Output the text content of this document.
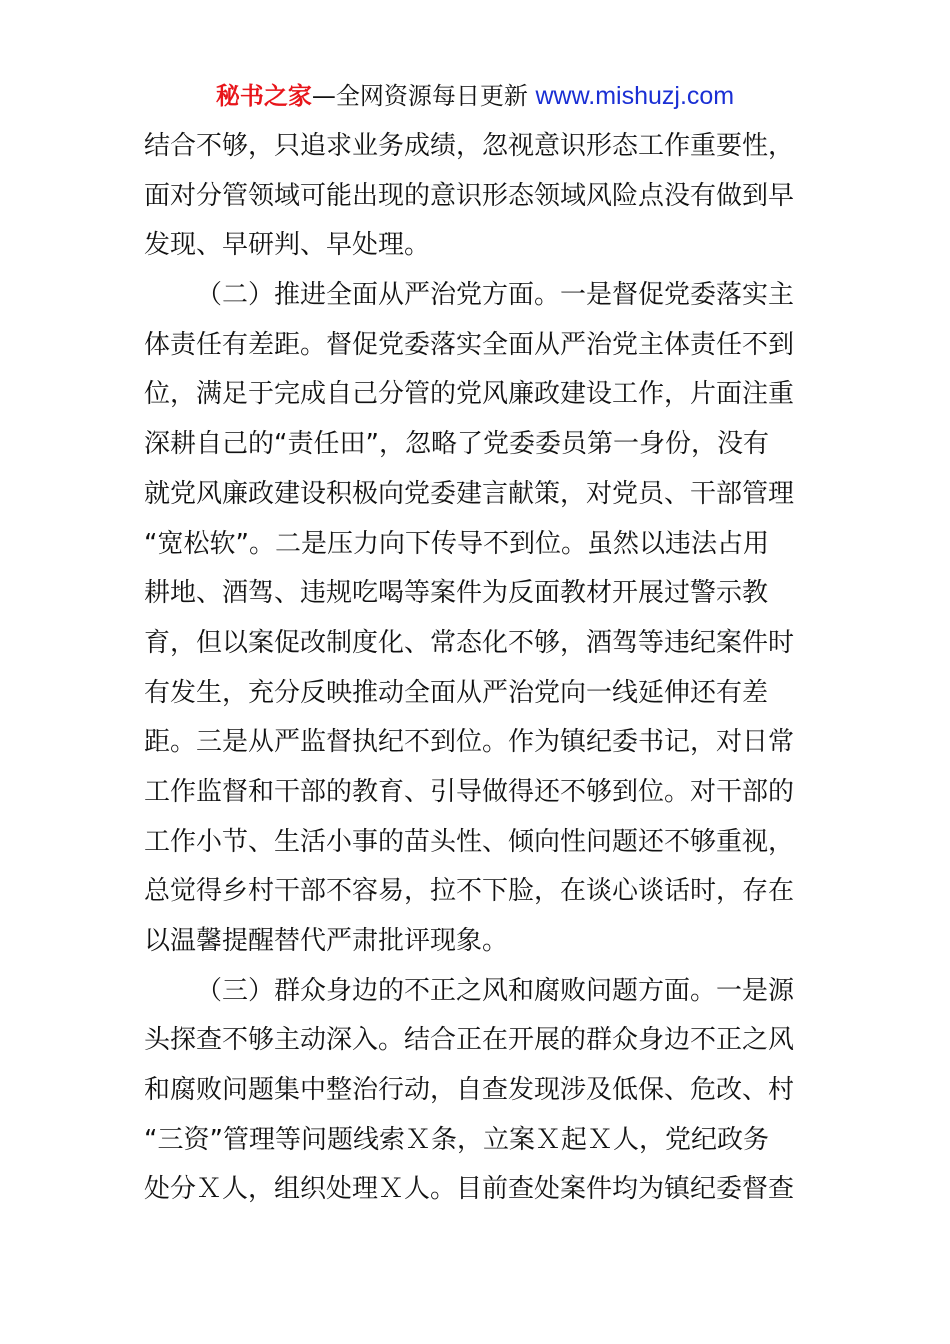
秘书之家—全网资源每日更新 www.mishuzj.com
结合不够，只追求业务成绩，忽视意识形态工作重要性，
面对分管领域可能出现的意识形态领域风险点没有做到早
发现、早研判、早处理。
（二）推进全面从严治党方面。一是督促党委落实主
体责任有差距。督促党委落实全面从严治党主体责任不到
位，满足于完成自己分管的党风廉政建设工作，片面注重
深耕自己的“责任田”，忽略了党委委员第一身份，没有
就党风廉政建设积极向党委建言献策，对党员、干部管理
“宽松软”。二是压力向下传导不到位。虽然以违法占用
耕地、酒驾、违规吃喝等案件为反面教材开展过警示教
育，但以案促改制度化、常态化不够，酒驾等违纪案件时
有发生，充分反映推动全面从严治党向一线延伸还有差
距。三是从严监督执纪不到位。作为镇纪委书记，对日常
工作监督和干部的教育、引导做得还不够到位。对干部的
工作小节、生活小事的苗头性、倾向性问题还不够重视，
总觉得乡村干部不容易，拉不下脸，在谈心谈话时，存在
以温馨提醒替代严肃批评现象。
（三）群众身边的不正之风和腐败问题方面。一是源
头探查不够主动深入。结合正在开展的群众身边不正之风
和腐败问题集中整治行动，自查发现涉及低保、危改、村
“三资”管理等问题线索Ｘ条，立案Ｘ起Ｘ人，党纪政务
处分Ｘ人，组织处理Ｘ人。目前查处案件均为镇纪委督查
